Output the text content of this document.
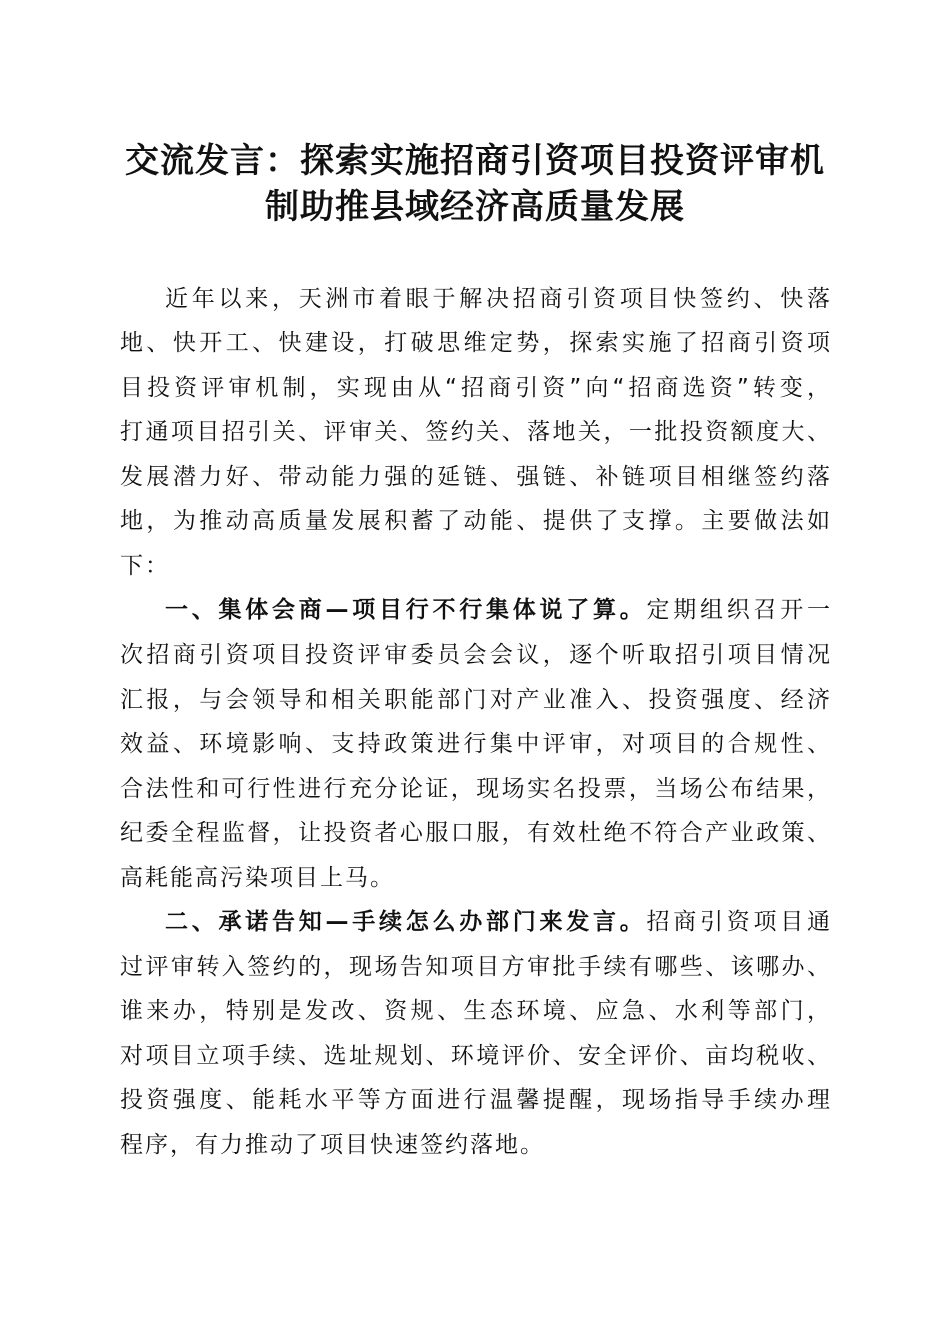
交流发言：探索实施招商引资项目投资评审机
制助推县域经济高质量发展
近年以来，天洲市着眼于解决招商引资项目快签约、快落
地、快开工、快建设，打破思维定势，探索实施了招商引资项
目投资评审机制，实现由从“招商引资”向“招商选资”转变，
打通项目招引关、评审关、签约关、落地关，一批投资额度大、
发展潜力好、带动能力强的延链、强链、补链项目相继签约落
地，为推动高质量发展积蓄了动能、提供了支撑。主要做法如
下：
一、集体会商—项目行不行集体说了算。定期组织召开一
次招商引资项目投资评审委员会会议，逐个听取招引项目情况
汇报，与会领导和相关职能部门对产业准入、投资强度、经济
效益、环境影响、支持政策进行集中评审，对项目的合规性、
合法性和可行性进行充分论证，现场实名投票，当场公布结果，
纪委全程监督，让投资者心服口服，有效杜绝不符合产业政策、
高耗能高污染项目上马。
二、承诺告知—手续怎么办部门来发言。招商引资项目通
过评审转入签约的，现场告知项目方审批手续有哪些、该哪办、
谁来办，特别是发改、资规、生态环境、应急、水利等部门，
对项目立项手续、选址规划、环境评价、安全评价、亩均税收、
投资强度、能耗水平等方面进行温馨提醒，现场指导手续办理
程序，有力推动了项目快速签约落地。
